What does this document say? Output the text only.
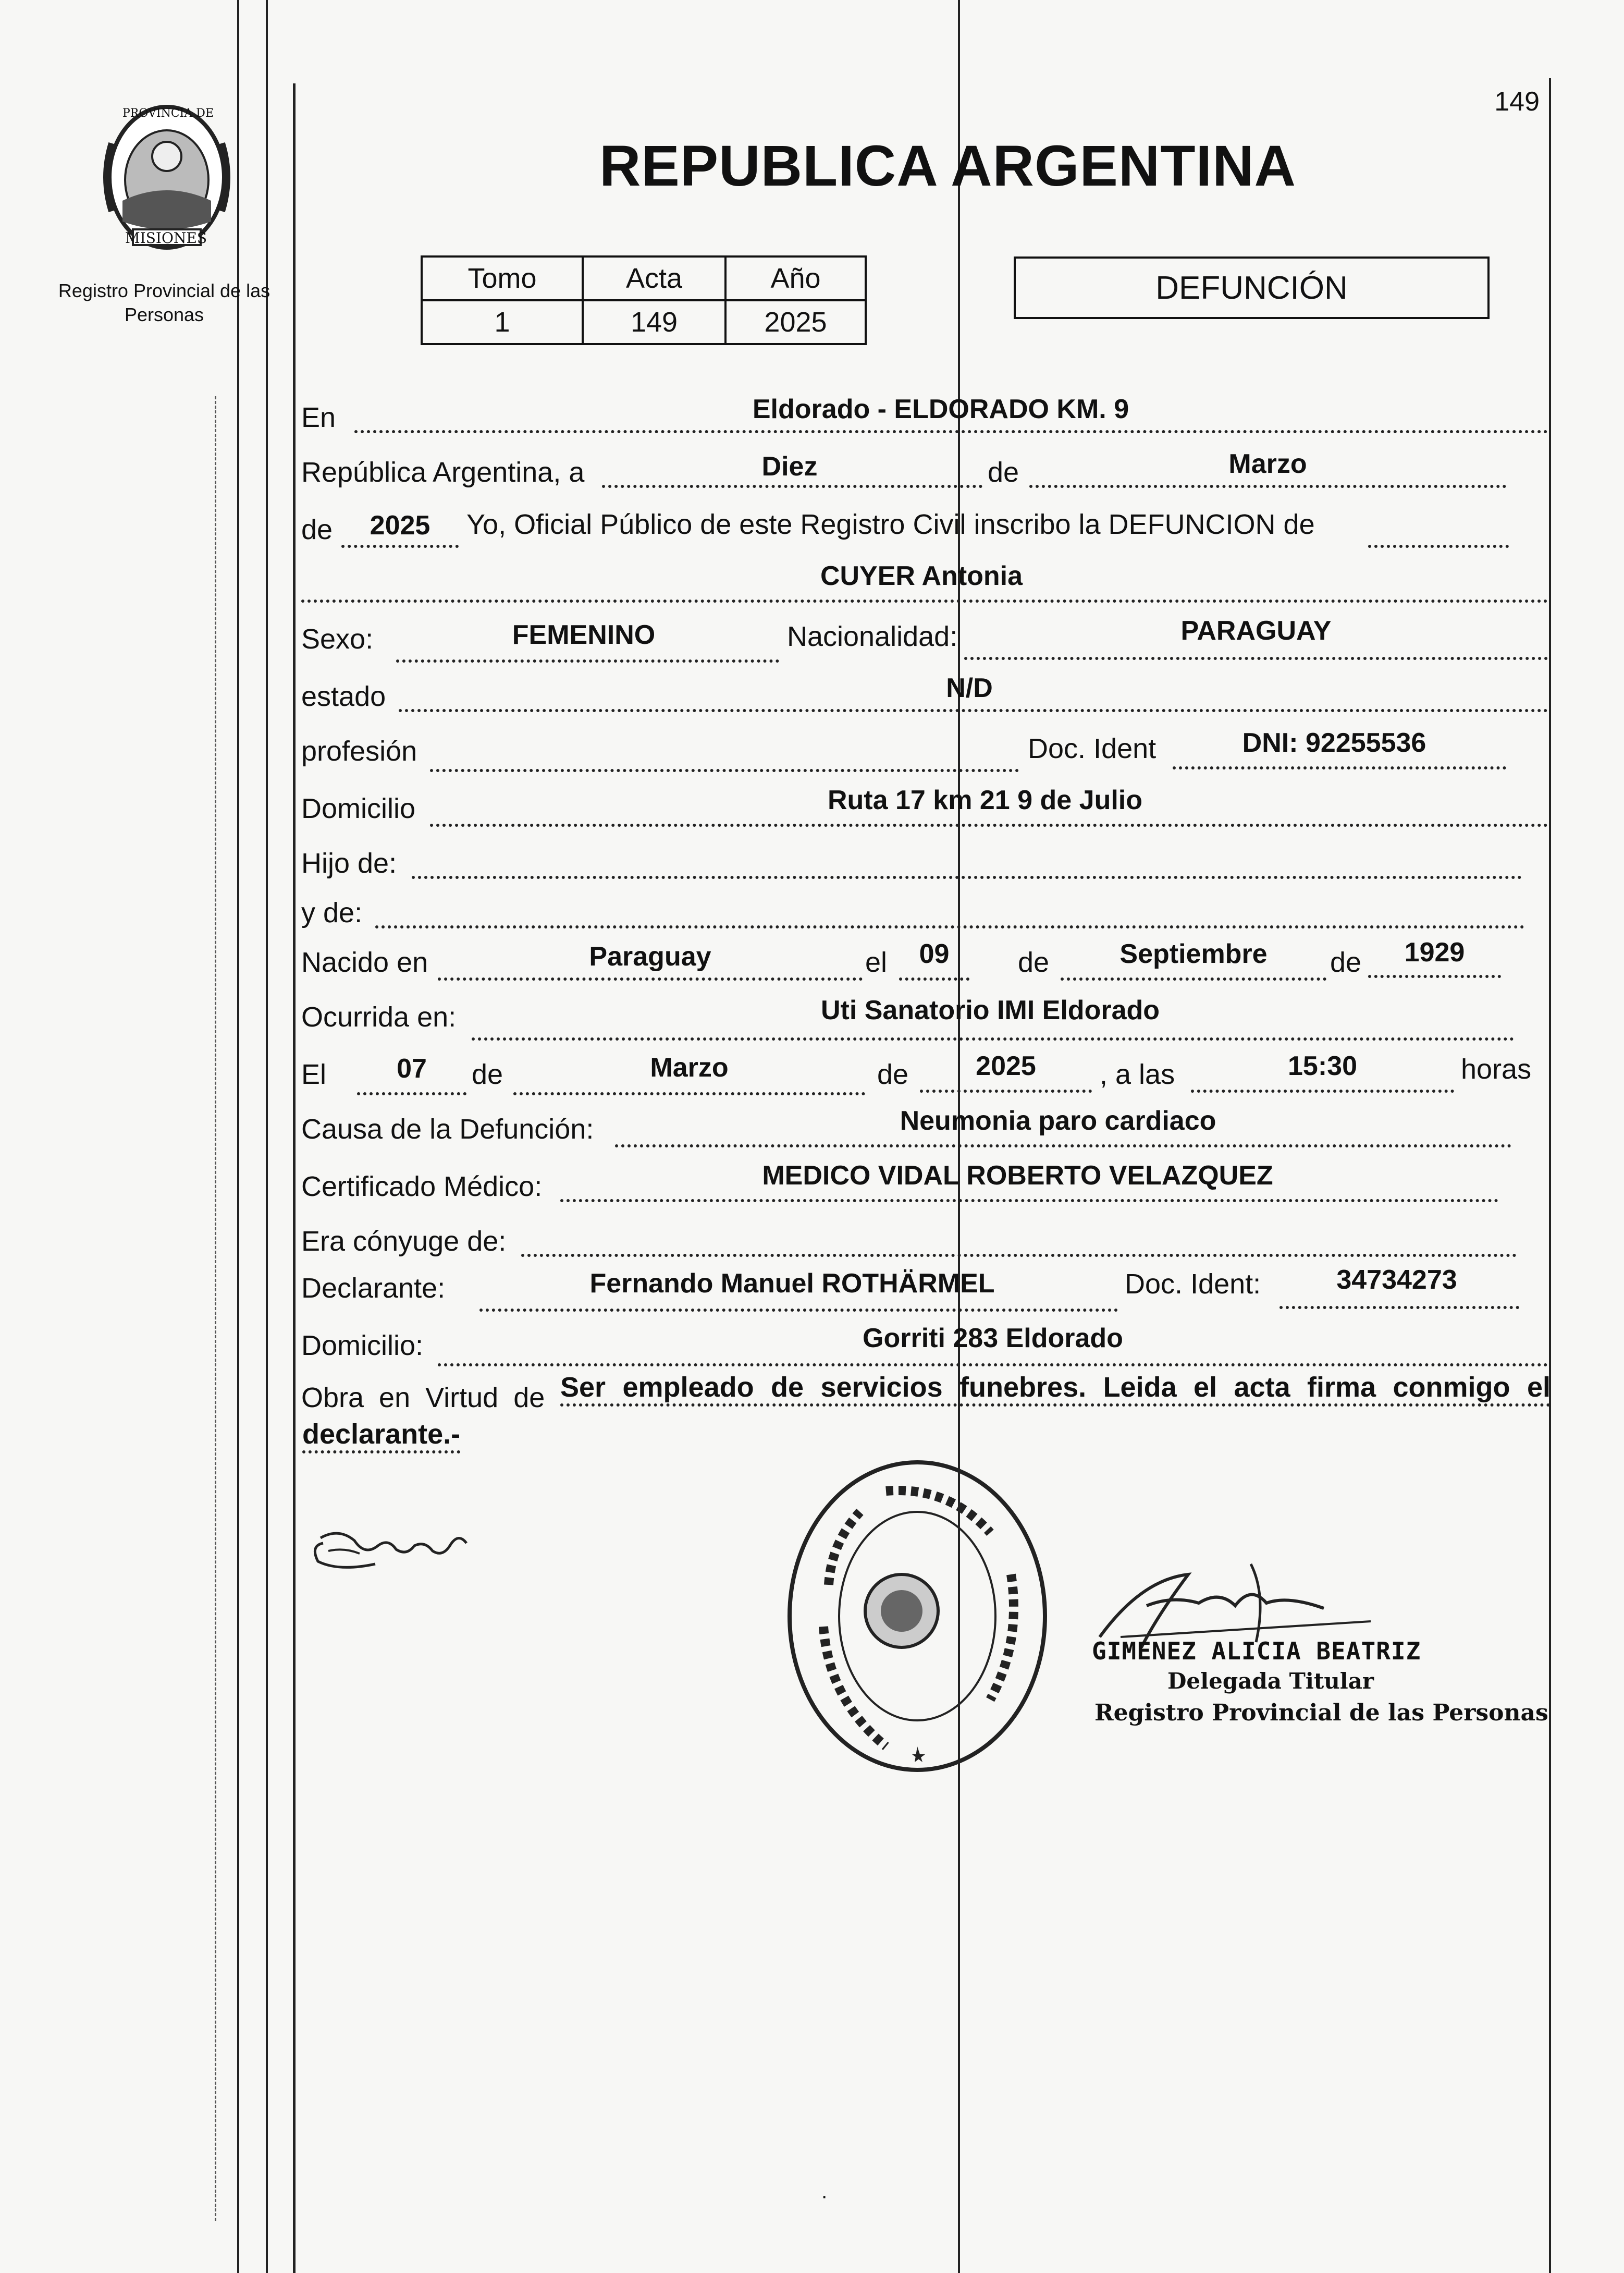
PROVINCIA DE
MISIONES
Registro Provincial de las Personas
149
REPUBLICA ARGENTINA
Tomo	Acta	Año
1	149	2025
DEFUNCIÓN
En	Eldorado - ELDORADO KM. 9
República Argentina, a	Diez	de	Marzo
de	2025	Yo, Oficial Público de este Registro Civil inscribo la DEFUNCION de
CUYER Antonia
Sexo:	FEMENINO	Nacionalidad:	PARAGUAY
estado	N/D
profesión	Doc. Ident	DNI: 92255536
Domicilio	Ruta 17 km 21 9 de Julio
Hijo de:
y de:
Nacido en	Paraguay	el	09	de	Septiembre	de	1929
Ocurrida en:	Uti Sanatorio IMI Eldorado
El	07	de	Marzo	de	2025	, a las	15:30	horas
Causa de la Defunción:	Neumonia paro cardiaco
Certificado Médico:	MEDICO VIDAL ROBERTO VELAZQUEZ
Era cónyuge de:
Declarante:	Fernando Manuel ROTHÄRMEL	Doc. Ident:	34734273
Domicilio:	Gorriti 283 Eldorado
Obra en Virtud de Ser empleado de servicios funebres. Leida el acta firma conmigo el
declarante.-
GIMENEZ ALICIA BEATRIZ
Delegada Titular
Registro Provincial de las Personas
·
